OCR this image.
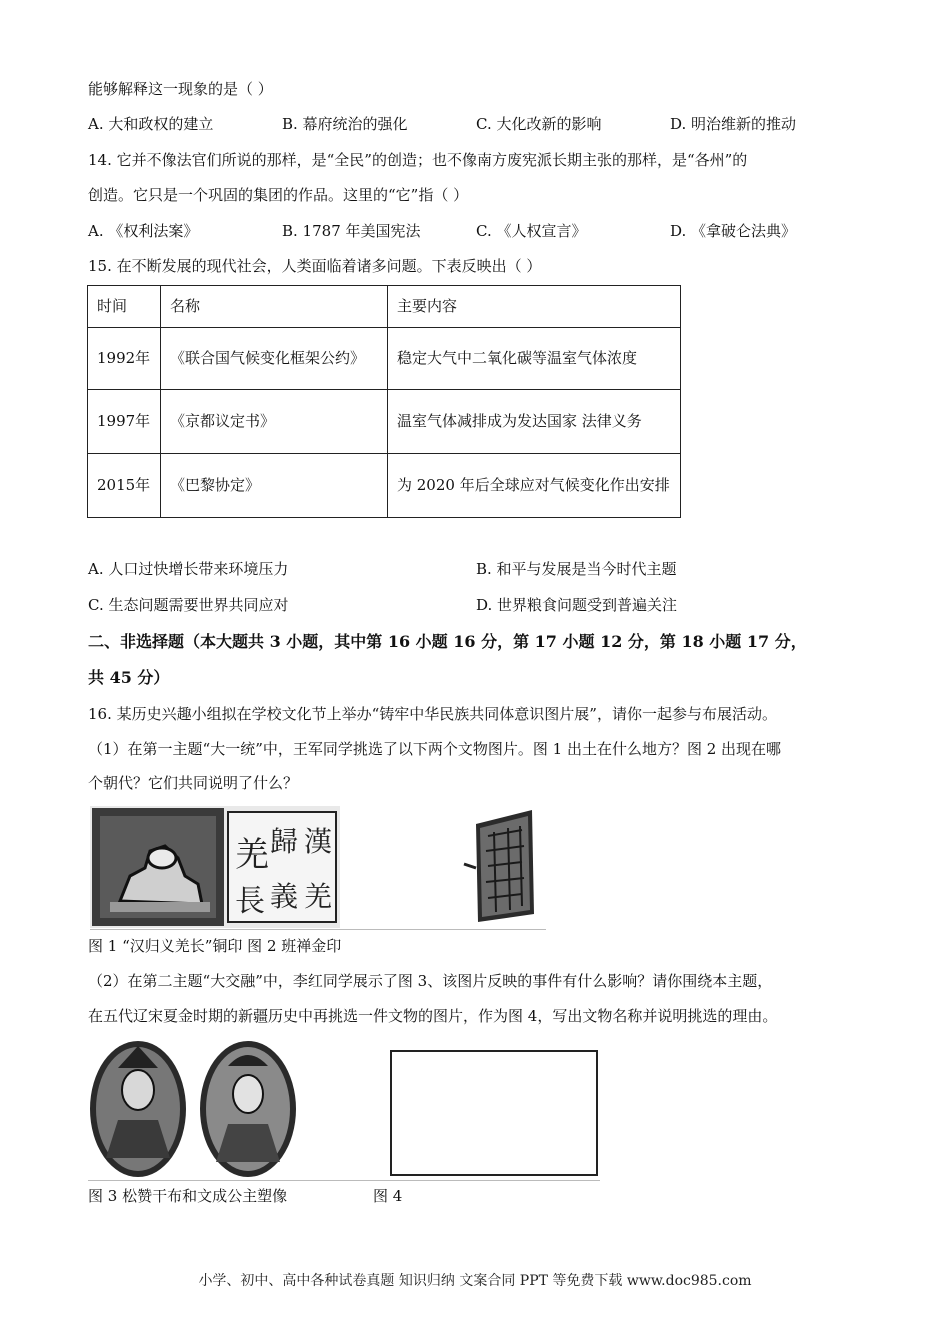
能够解释这一现象的是（ ）
A. 大和政权的建立	B. 幕府统治的强化	C. 大化改新的影响	D. 明治维新的推动
14. 它并不像法官们所说的那样，是“全民”的创造；也不像南方废宪派长期主张的那样，是“各州”的
创造。它只是一个巩固的集团的作品。这里的“它”指（ ）
A. 《权利法案》	B. 1787 年美国宪法	C. 《人权宣言》	D. 《拿破仑法典》
15. 在不断发展的现代社会，人类面临着诸多问题。下表反映出（ ）
时间	名称	主要内容
1992年	《联合国气候变化框架公约》	稳定大气中二氧化碳等温室气体浓度
1997年	《京都议定书》	温室气体减排成为发达国家 法律义务
2015年	《巴黎协定》	为 2020 年后全球应对气候变化作出安排
A. 人口过快增长带来环境压力	B. 和平与发展是当今时代主题
C. 生态问题需要世界共同应对	D. 世界粮食问题受到普遍关注
二、非选择题（本大题共 3 小题，其中第 16 小题 16 分，第 17 小题 12 分，第 18 小题 17 分，
共 45 分）
16. 某历史兴趣小组拟在学校文化节上举办“铸牢中华民族共同体意识图片展”，请你一起参与布展活动。
（1）在第一主题“大一统”中，王军同学挑选了以下两个文物图片。图 1 出土在什么地方？图 2 出现在哪
个朝代？它们共同说明了什么？
羌 歸 漢
長 義 羌
图 1 “汉归义羌长”铜印 图 2 班禅金印
（2）在第二主题“大交融”中，李红同学展示了图 3、该图片反映的事件有什么影响？请你围绕本主题，
在五代辽宋夏金时期的新疆历史中再挑选一件文物的图片，作为图 4，写出文物名称并说明挑选的理由。
图 3 松赞干布和文成公主塑像	图 4
小学、初中、高中各种试卷真题 知识归纳 文案合同 PPT 等免费下载 www.doc985.com
